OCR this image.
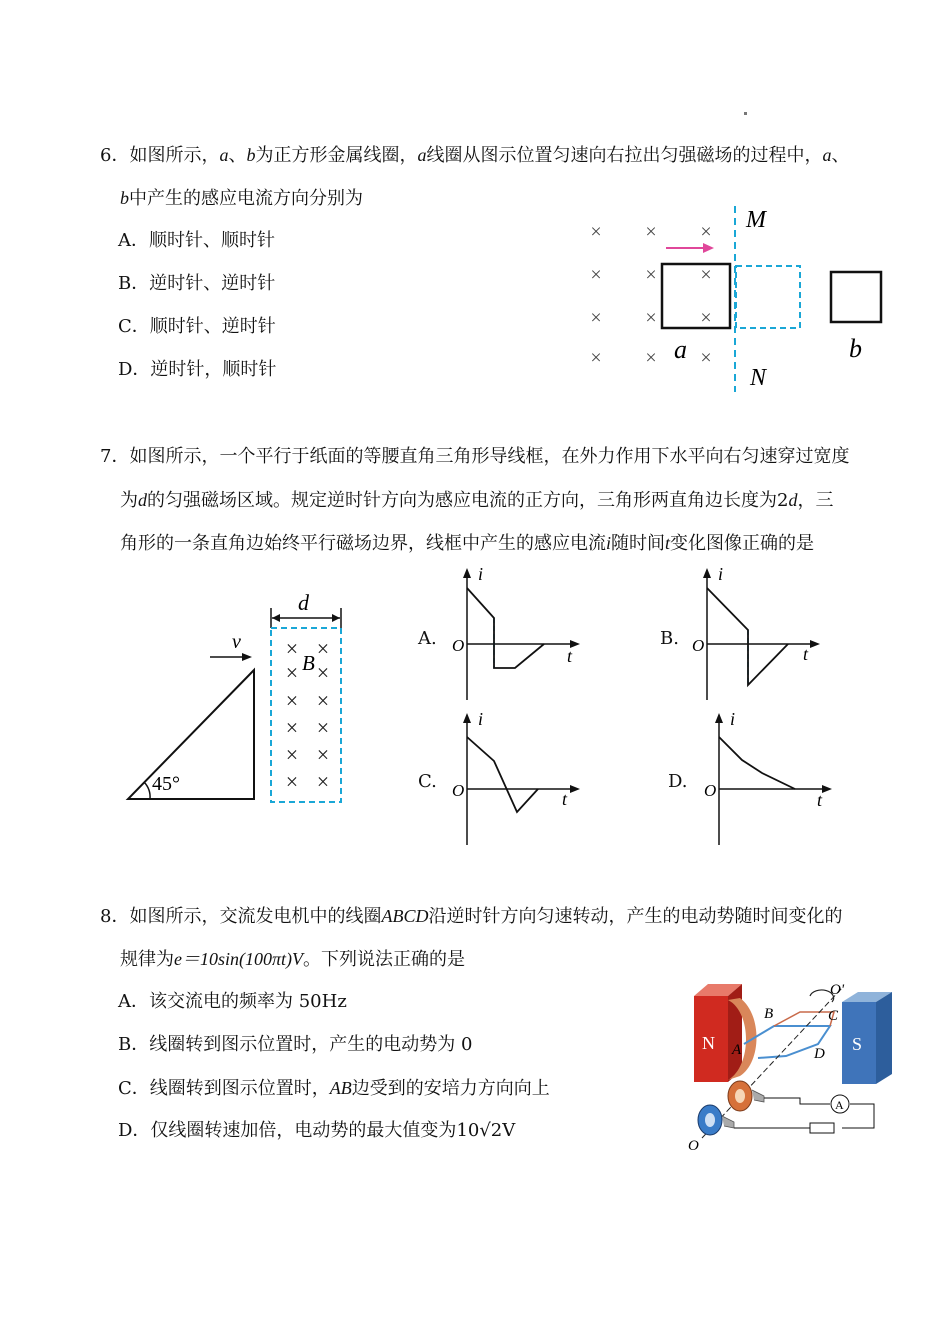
6．如图所示，a、b为正方形金属线圈，a线圈从图示位置匀速向右拉出匀强磁场的过程中，a、
b中产生的感应电流方向分别为
A．顺时针、顺时针
B．逆时针、逆时针
C．顺时针、逆时针
D．逆时针，顺时针
× × ×
× × ×
× × ×
× × ×
M
N
a	b
7．如图所示，一个平行于纸面的等腰直角三角形导线框，在外力作用下水平向右匀速穿过宽度
为d的匀强磁场区域。规定逆时针方向为感应电流的正方向，三角形两直角边长度为2d，三
角形的一条直角边始终平行磁场边界，线框中产生的感应电流i随时间t变化图像正确的是
d
× ×
× ×
× ×
× ×
× ×
× ×
B
45°
v	A.
i
O
t
B.
i
O	t
C.
i
O	t
D.
i
O	t
8．如图所示，交流发电机中的线圈ABCD沿逆时针方向匀速转动，产生的电动势随时间变化的
规律为e＝10sin(100πt)V。下列说法正确的是
A．该交流电的频率为 50Hz
B．线圈转到图示位置时，产生的电动势为 0
C．线圈转到图示位置时，AB边受到的安培力方向向上
D．仅线圈转速加倍，电动势的最大值变为10√2V
N	S
A
B	C
D
O'
O
A
